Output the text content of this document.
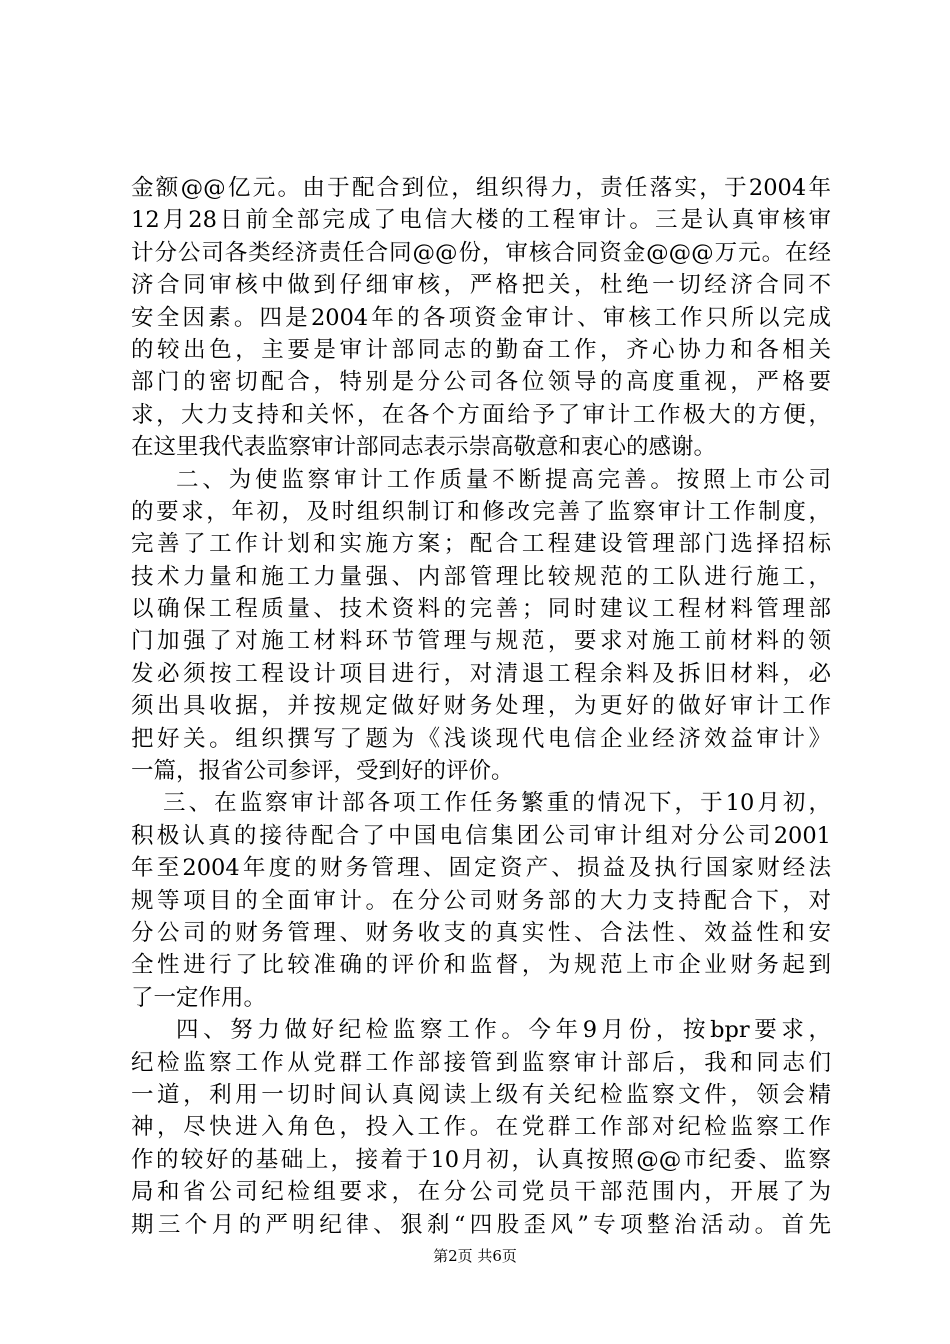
金额@@亿元。由于配合到位，组织得力，责任落实，于2004年
12月28日前全部完成了电信大楼的工程审计。三是认真审核审
计分公司各类经济责任合同@@份，审核合同资金@@@万元。在经
济合同审核中做到仔细审核，严格把关，杜绝一切经济合同不
安全因素。四是2004年的各项资金审计、审核工作只所以完成
的较出色，主要是审计部同志的勤奋工作，齐心协力和各相关
部门的密切配合，特别是分公司各位领导的高度重视，严格要
求，大力支持和关怀，在各个方面给予了审计工作极大的方便，
在这里我代表监察审计部同志表示崇高敬意和衷心的感谢。
二、为使监察审计工作质量不断提高完善。按照上市公司
的要求，年初，及时组织制订和修改完善了监察审计工作制度，
完善了工作计划和实施方案；配合工程建设管理部门选择招标
技术力量和施工力量强、内部管理比较规范的工队进行施工，
以确保工程质量、技术资料的完善；同时建议工程材料管理部
门加强了对施工材料环节管理与规范，要求对施工前材料的领
发必须按工程设计项目进行，对清退工程余料及拆旧材料，必
须出具收据，并按规定做好财务处理，为更好的做好审计工作
把好关。组织撰写了题为《浅谈现代电信企业经济效益审计》
一篇，报省公司参评，受到好的评价。
三、在监察审计部各项工作任务繁重的情况下，于10月初，
积极认真的接待配合了中国电信集团公司审计组对分公司2001
年至2004年度的财务管理、固定资产、损益及执行国家财经法
规等项目的全面审计。在分公司财务部的大力支持配合下，对
分公司的财务管理、财务收支的真实性、合法性、效益性和安
全性进行了比较准确的评价和监督，为规范上市企业财务起到
了一定作用。
四、努力做好纪检监察工作。今年9月份，按bpr要求，
纪检监察工作从党群工作部接管到监察审计部后，我和同志们
一道，利用一切时间认真阅读上级有关纪检监察文件，领会精
神，尽快进入角色，投入工作。在党群工作部对纪检监察工作
作的较好的基础上，接着于10月初，认真按照@@市纪委、监察
局和省公司纪检组要求，在分公司党员干部范围内，开展了为
期三个月的严明纪律、狠刹“四股歪风”专项整治活动。首先
第2页 共6页
